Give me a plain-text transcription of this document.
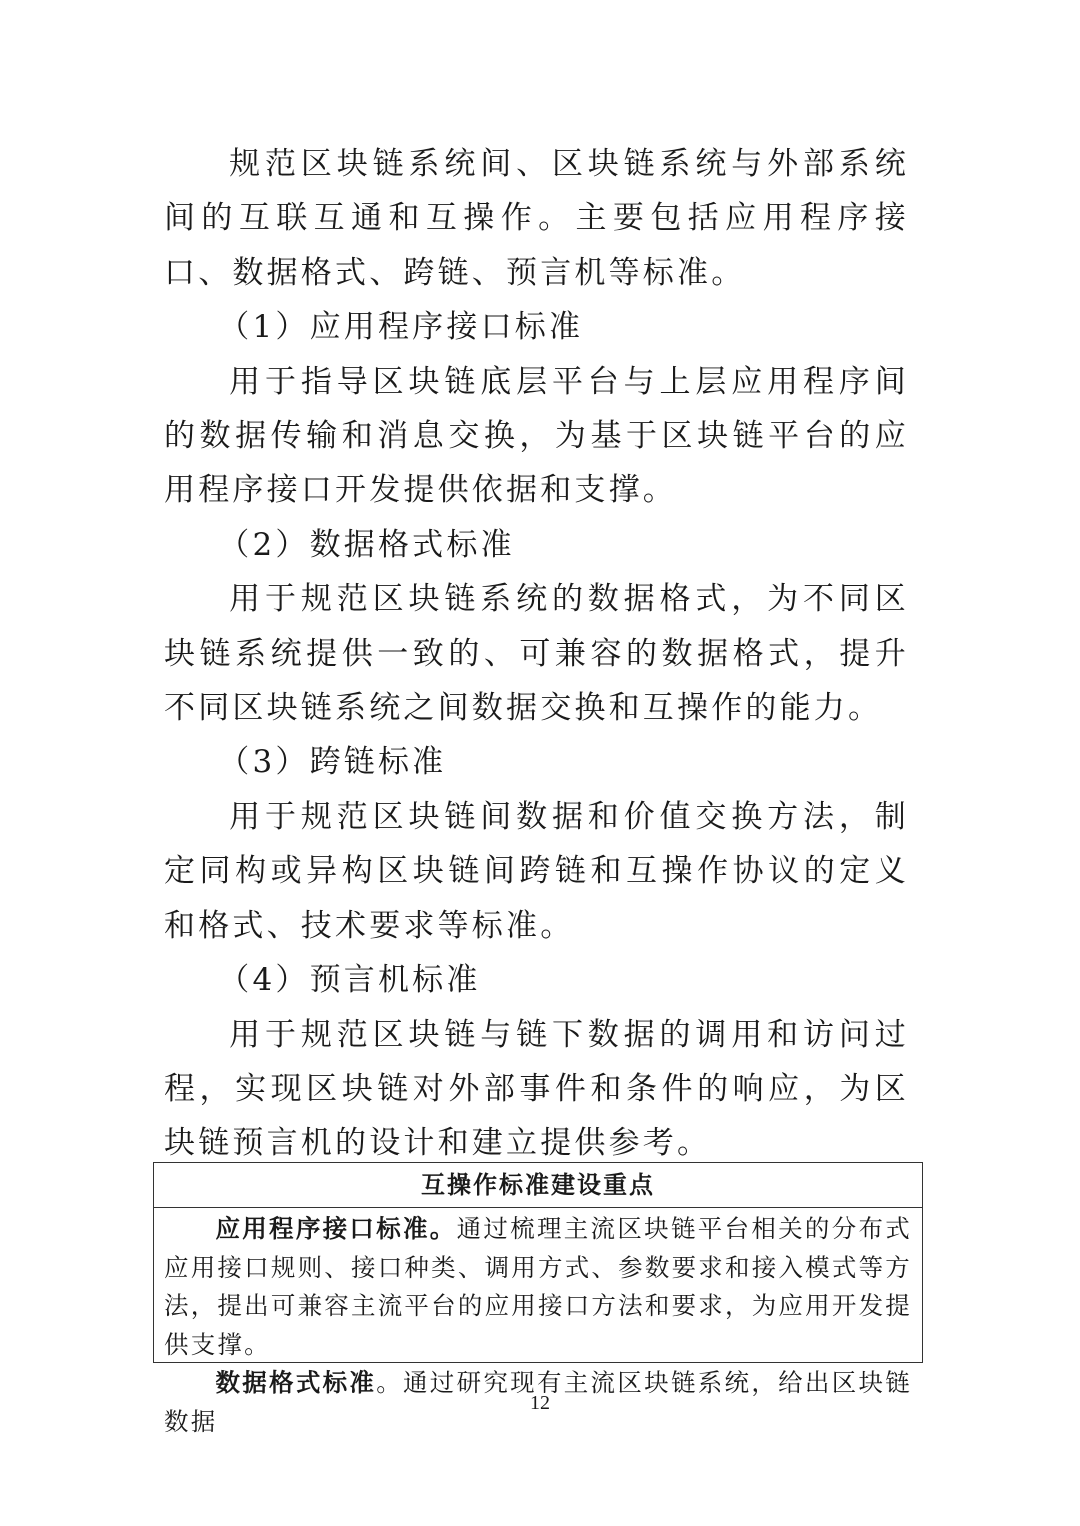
规范区块链系统间、区块链系统与外部系统间的互联互通和互操作。主要包括应用程序接口、数据格式、跨链、预言机等标准。

（1）应用程序接口标准

用于指导区块链底层平台与上层应用程序间的数据传输和消息交换，为基于区块链平台的应用程序接口开发提供依据和支撑。

（2）数据格式标准

用于规范区块链系统的数据格式，为不同区块链系统提供一致的、可兼容的数据格式，提升不同区块链系统之间数据交换和互操作的能力。

（3）跨链标准

用于规范区块链间数据和价值交换方法，制定同构或异构区块链间跨链和互操作协议的定义和格式、技术要求等标准。

（4）预言机标准

用于规范区块链与链下数据的调用和访问过程，实现区块链对外部事件和条件的响应，为区块链预言机的设计和建立提供参考。

互操作标准建设重点

应用程序接口标准。通过梳理主流区块链平台相关的分布式应用接口规则、接口种类、调用方式、参数要求和接入模式等方法，提出可兼容主流平台的应用接口方法和要求，为应用开发提供支撑。

数据格式标准。通过研究现有主流区块链系统，给出区块链数据

12
